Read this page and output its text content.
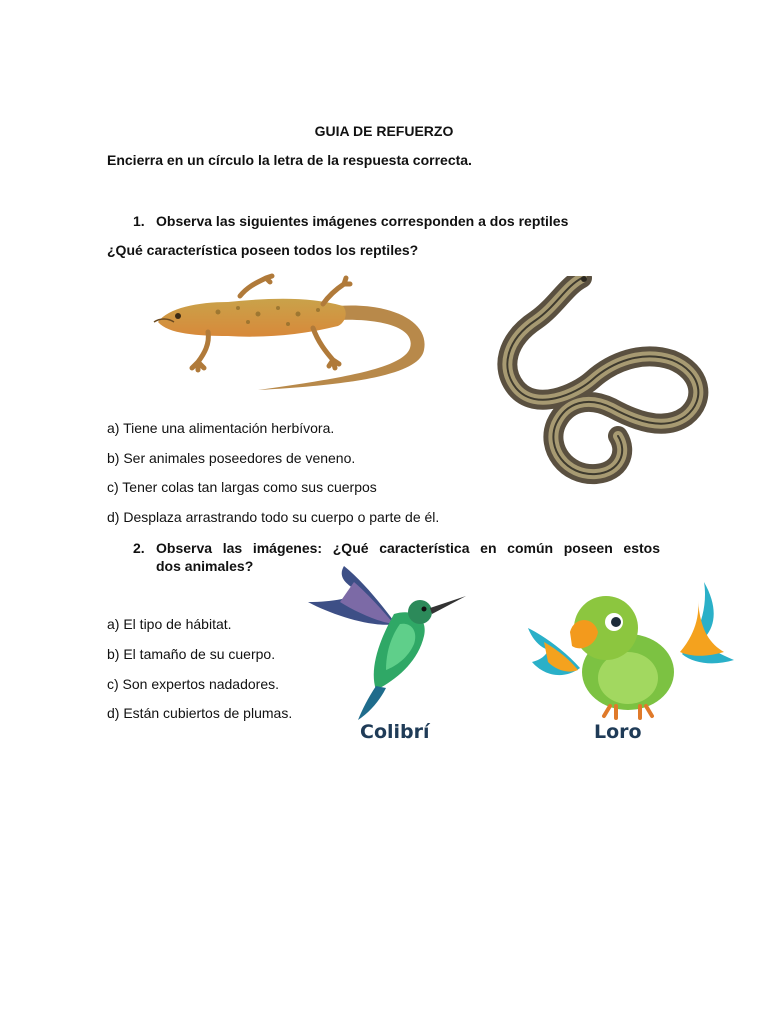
GUIA DE REFUERZO
Encierra en un círculo la letra de la respuesta correcta.
1. Observa las siguientes imágenes corresponden a dos reptiles
¿Qué característica poseen todos los reptiles?
a) Tiene una alimentación herbívora.
b) Ser animales poseedores de veneno.
c) Tener colas tan largas como sus cuerpos
d) Desplaza arrastrando todo su cuerpo o parte de él.
2. Observa las imágenes: ¿Qué característica en común poseen estos
dos animales?
Colibrí	Loro
a) El tipo de hábitat.
b) El tamaño de su cuerpo.
c) Son expertos nadadores.
d) Están cubiertos de plumas.
